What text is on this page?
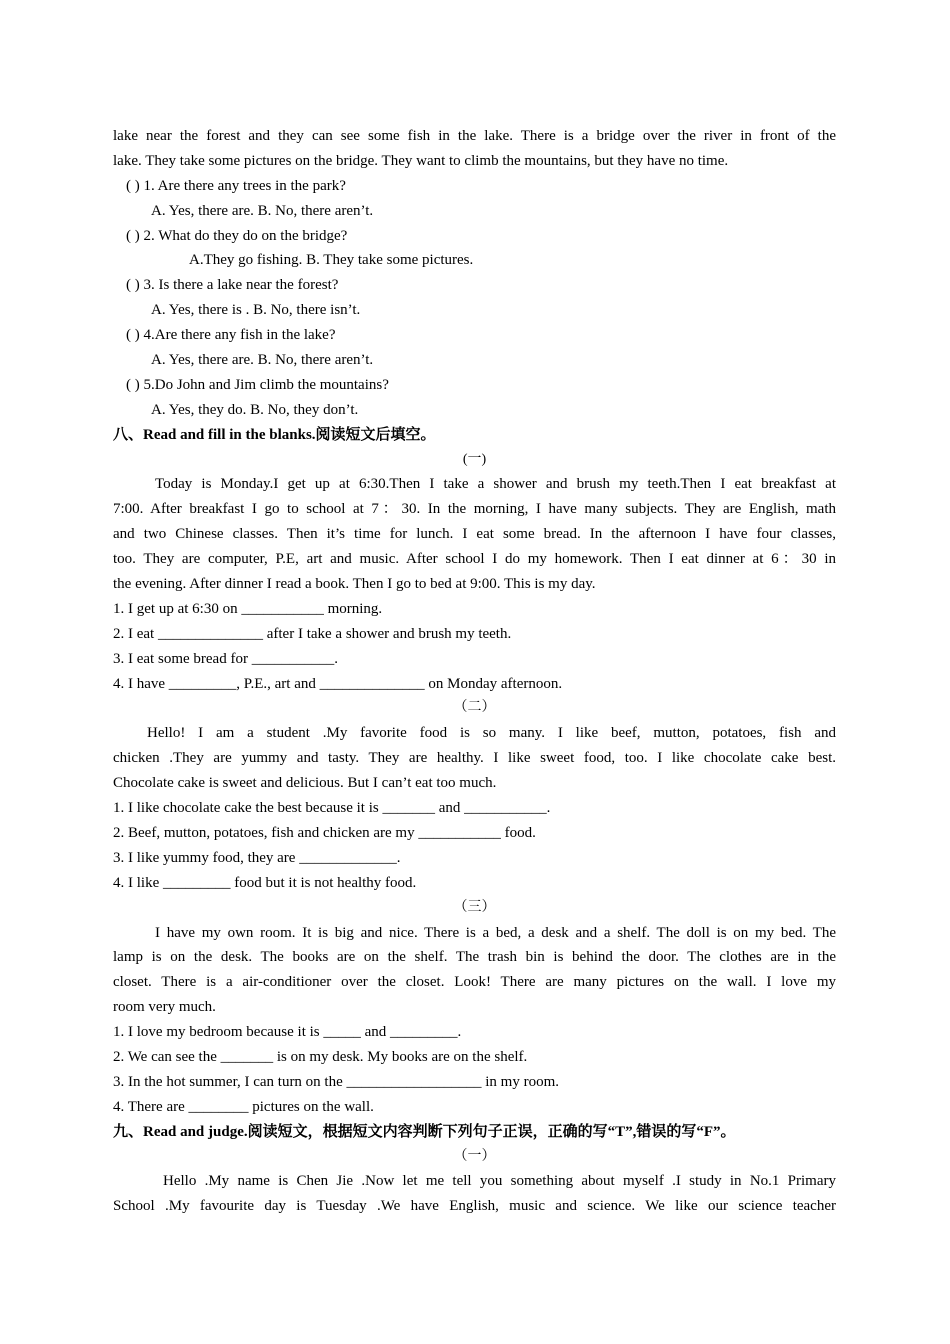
lake near the forest and they can see some fish in the lake. There is a bridge over the river in front of the
lake. They take some pictures on the bridge. They want to climb the mountains, but they have no time.
( ) 1. Are there any trees in the park?
A. Yes, there are. B. No, there aren’t.
( ) 2. What do they do on the bridge?
A.They go fishing. B. They take some pictures.
( ) 3. Is there a lake near the forest?
A. Yes, there is . B. No, there isn’t.
( ) 4.Are there any fish in the lake?
A. Yes, there are. B. No, there aren’t.
( ) 5.Do John and Jim climb the mountains?
A. Yes, they do. B. No, they don’t.
八、Read and fill in the blanks.阅读短文后填空。
(一)
Today is Monday.I get up at 6:30.Then I take a shower and brush my teeth.Then I eat breakfast at
7:00. After breakfast I go to school at 7：30. In the morning, I have many subjects. They are English, math
and two Chinese classes. Then it’s time for lunch. I eat some bread. In the afternoon I have four classes,
too. They are computer, P.E, art and music. After school I do my homework. Then I eat dinner at 6：30 in
the evening. After dinner I read a book. Then I go to bed at 9:00. This is my day.
1. I get up at 6:30 on ___________ morning.
2. I eat ______________ after I take a shower and brush my teeth.
3. I eat some bread for ___________.
4. I have _________, P.E., art and ______________ on Monday afternoon.
（二）
Hello! I am a student .My favorite food is so many. I like beef, mutton, potatoes, fish and
chicken .They are yummy and tasty. They are healthy. I like sweet food, too. I like chocolate cake best.
Chocolate cake is sweet and delicious. But I can’t eat too much.
1. I like chocolate cake the best because it is _______ and ___________.
2. Beef, mutton, potatoes, fish and chicken are my ___________ food.
3. I like yummy food, they are _____________.
4. I like _________ food but it is not healthy food.
（三）
I have my own room. It is big and nice. There is a bed, a desk and a shelf. The doll is on my bed. The
lamp is on the desk. The books are on the shelf. The trash bin is behind the door. The clothes are in the
closet. There is a air-conditioner over the closet. Look! There are many pictures on the wall. I love my
room very much.
1. I love my bedroom because it is _____ and _________.
2. We can see the _______ is on my desk. My books are on the shelf.
3. In the hot summer, I can turn on the __________________ in my room.
4. There are ________ pictures on the wall.
九、Read and judge.阅读短文，根据短文内容判断下列句子正误，正确的写“T”,错误的写“F”。
（一）
Hello .My name is Chen Jie .Now let me tell you something about myself .I study in No.1 Primary
School .My favourite day is Tuesday .We have English, music and science. We like our science teacher
